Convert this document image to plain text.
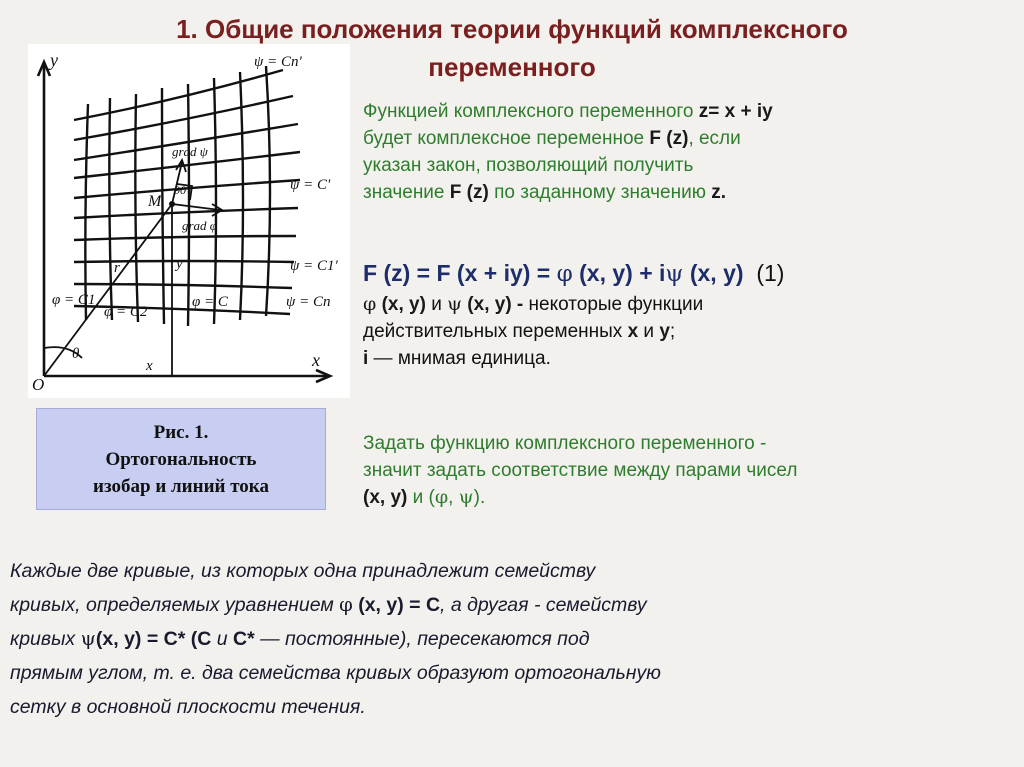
1. Общие положения теории функций комплексного
переменного
y
x
O
ψ = Cn'
ψ = C'
ψ = C1'
ψ = Cn
φ = C1
φ = C2
φ = C
grad ψ
grad φ
90°
M
r	y
x
θ
Рис. 1.
Ортогональность
изобар и линий тока
Функцией комплексного переменного z= x + iy
будет комплексное переменное F (z), если
указан закон, позволяющий получить
значение F (z) по заданному значению z.
F (z) = F (x + iy) = φ (x, y) + iψ (x, y) (1)
φ (x, y) и ψ (x, y) - некоторые функции
действительных переменных x и y;
i — мнимая единица.
Задать функцию комплексного переменного -
значит задать соответствие между парами чисел
(x, y) и (φ, ψ).
Каждые две кривые, из которых одна принадлежит семейству
кривых, определяемых уравнением φ (x, y) = C, а другая - семейству
кривых ψ(x, y) = C* (C и C* — постоянные), пересекаются под
прямым углом, т. е. два семейства кривых образуют ортогональную
сетку в основной плоскости течения.
